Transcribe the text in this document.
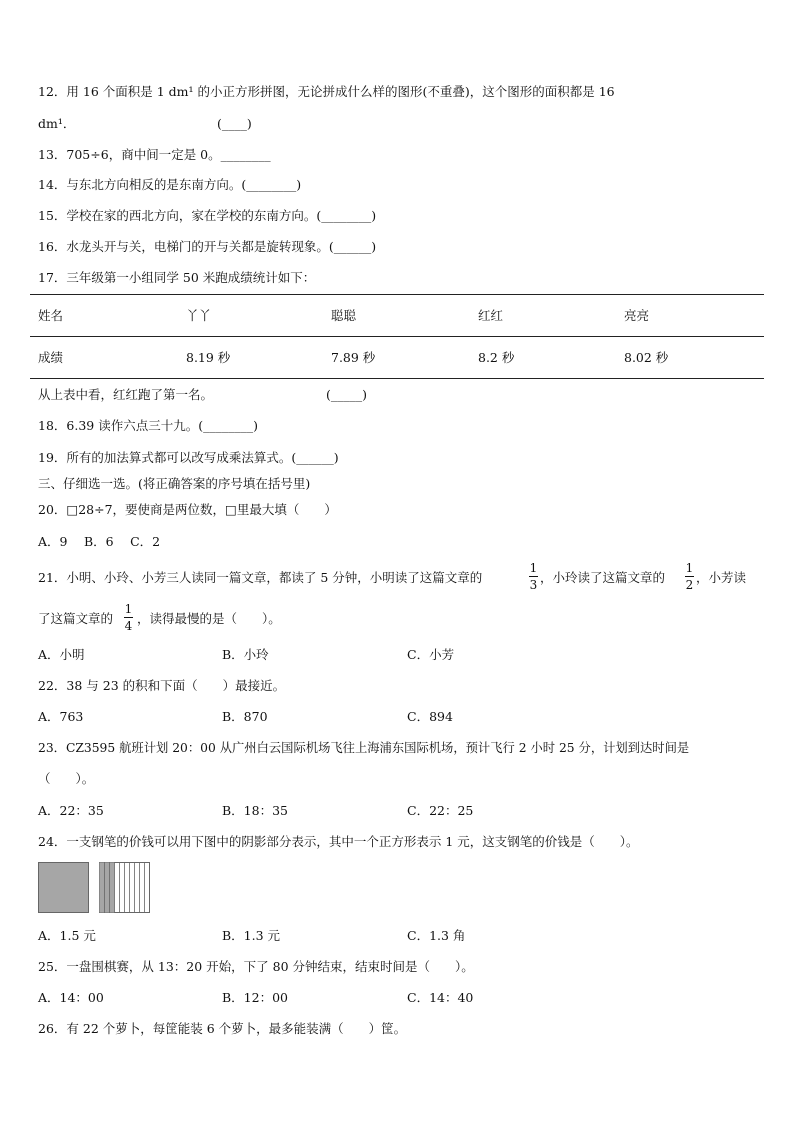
12．用 16 个面积是 1 dm¹ 的小正方形拼图，无论拼成什么样的图形(不重叠)，这个图形的面积都是 16
dm¹．	(____)
13．705÷6，商中间一定是 0。________
14．与东北方向相反的是东南方向。(________)
15．学校在家的西北方向，家在学校的东南方向。(________)
16．水龙头开与关，电梯门的开与关都是旋转现象。(______)
17．三年级第一小组同学 50 米跑成绩统计如下：
姓名	丫丫	聪聪	红红	亮亮
成绩	8.19 秒	7.89 秒	8.2 秒	8.02 秒
从上表中看，红红跑了第一名。	(_____)
18．6.39 读作六点三十九。(________)
19．所有的加法算式都可以改写成乘法算式。(______)
三、仔细选一选。(将正确答案的序号填在括号里)
20．□28÷7，要使商是两位数，□里最大填（　　）
A．9　 B．6　 C．2
21．小明、小玲、小芳三人读同一篇文章，都读了 5 分钟，小明读了这篇文章的
1
3 ，小玲读了这篇文章的
1
2 ，小芳读
了这篇文章的
1
4 ，读得最慢的是（　　）。
A．小明	B．小玲	C．小芳
22．38 与 23 的积和下面（　　）最接近。
A．763	B．870	C．894
23．CZ3595 航班计划 20：00 从广州白云国际机场飞往上海浦东国际机场，预计飞行 2 小时 25 分，计划到达时间是
（　　）。
A．22：35	B．18：35	C．22：25
24．一支钢笔的价钱可以用下图中的阴影部分表示，其中一个正方形表示 1 元，这支钢笔的价钱是（　　）。
A．1.5 元	B．1.3 元	C．1.3 角
25．一盘围棋赛，从 13：20 开始，下了 80 分钟结束，结束时间是（　　）。
A．14：00	B．12：00	C．14：40
26．有 22 个萝卜，每筐能装 6 个萝卜，最多能装满（　　）筐。
